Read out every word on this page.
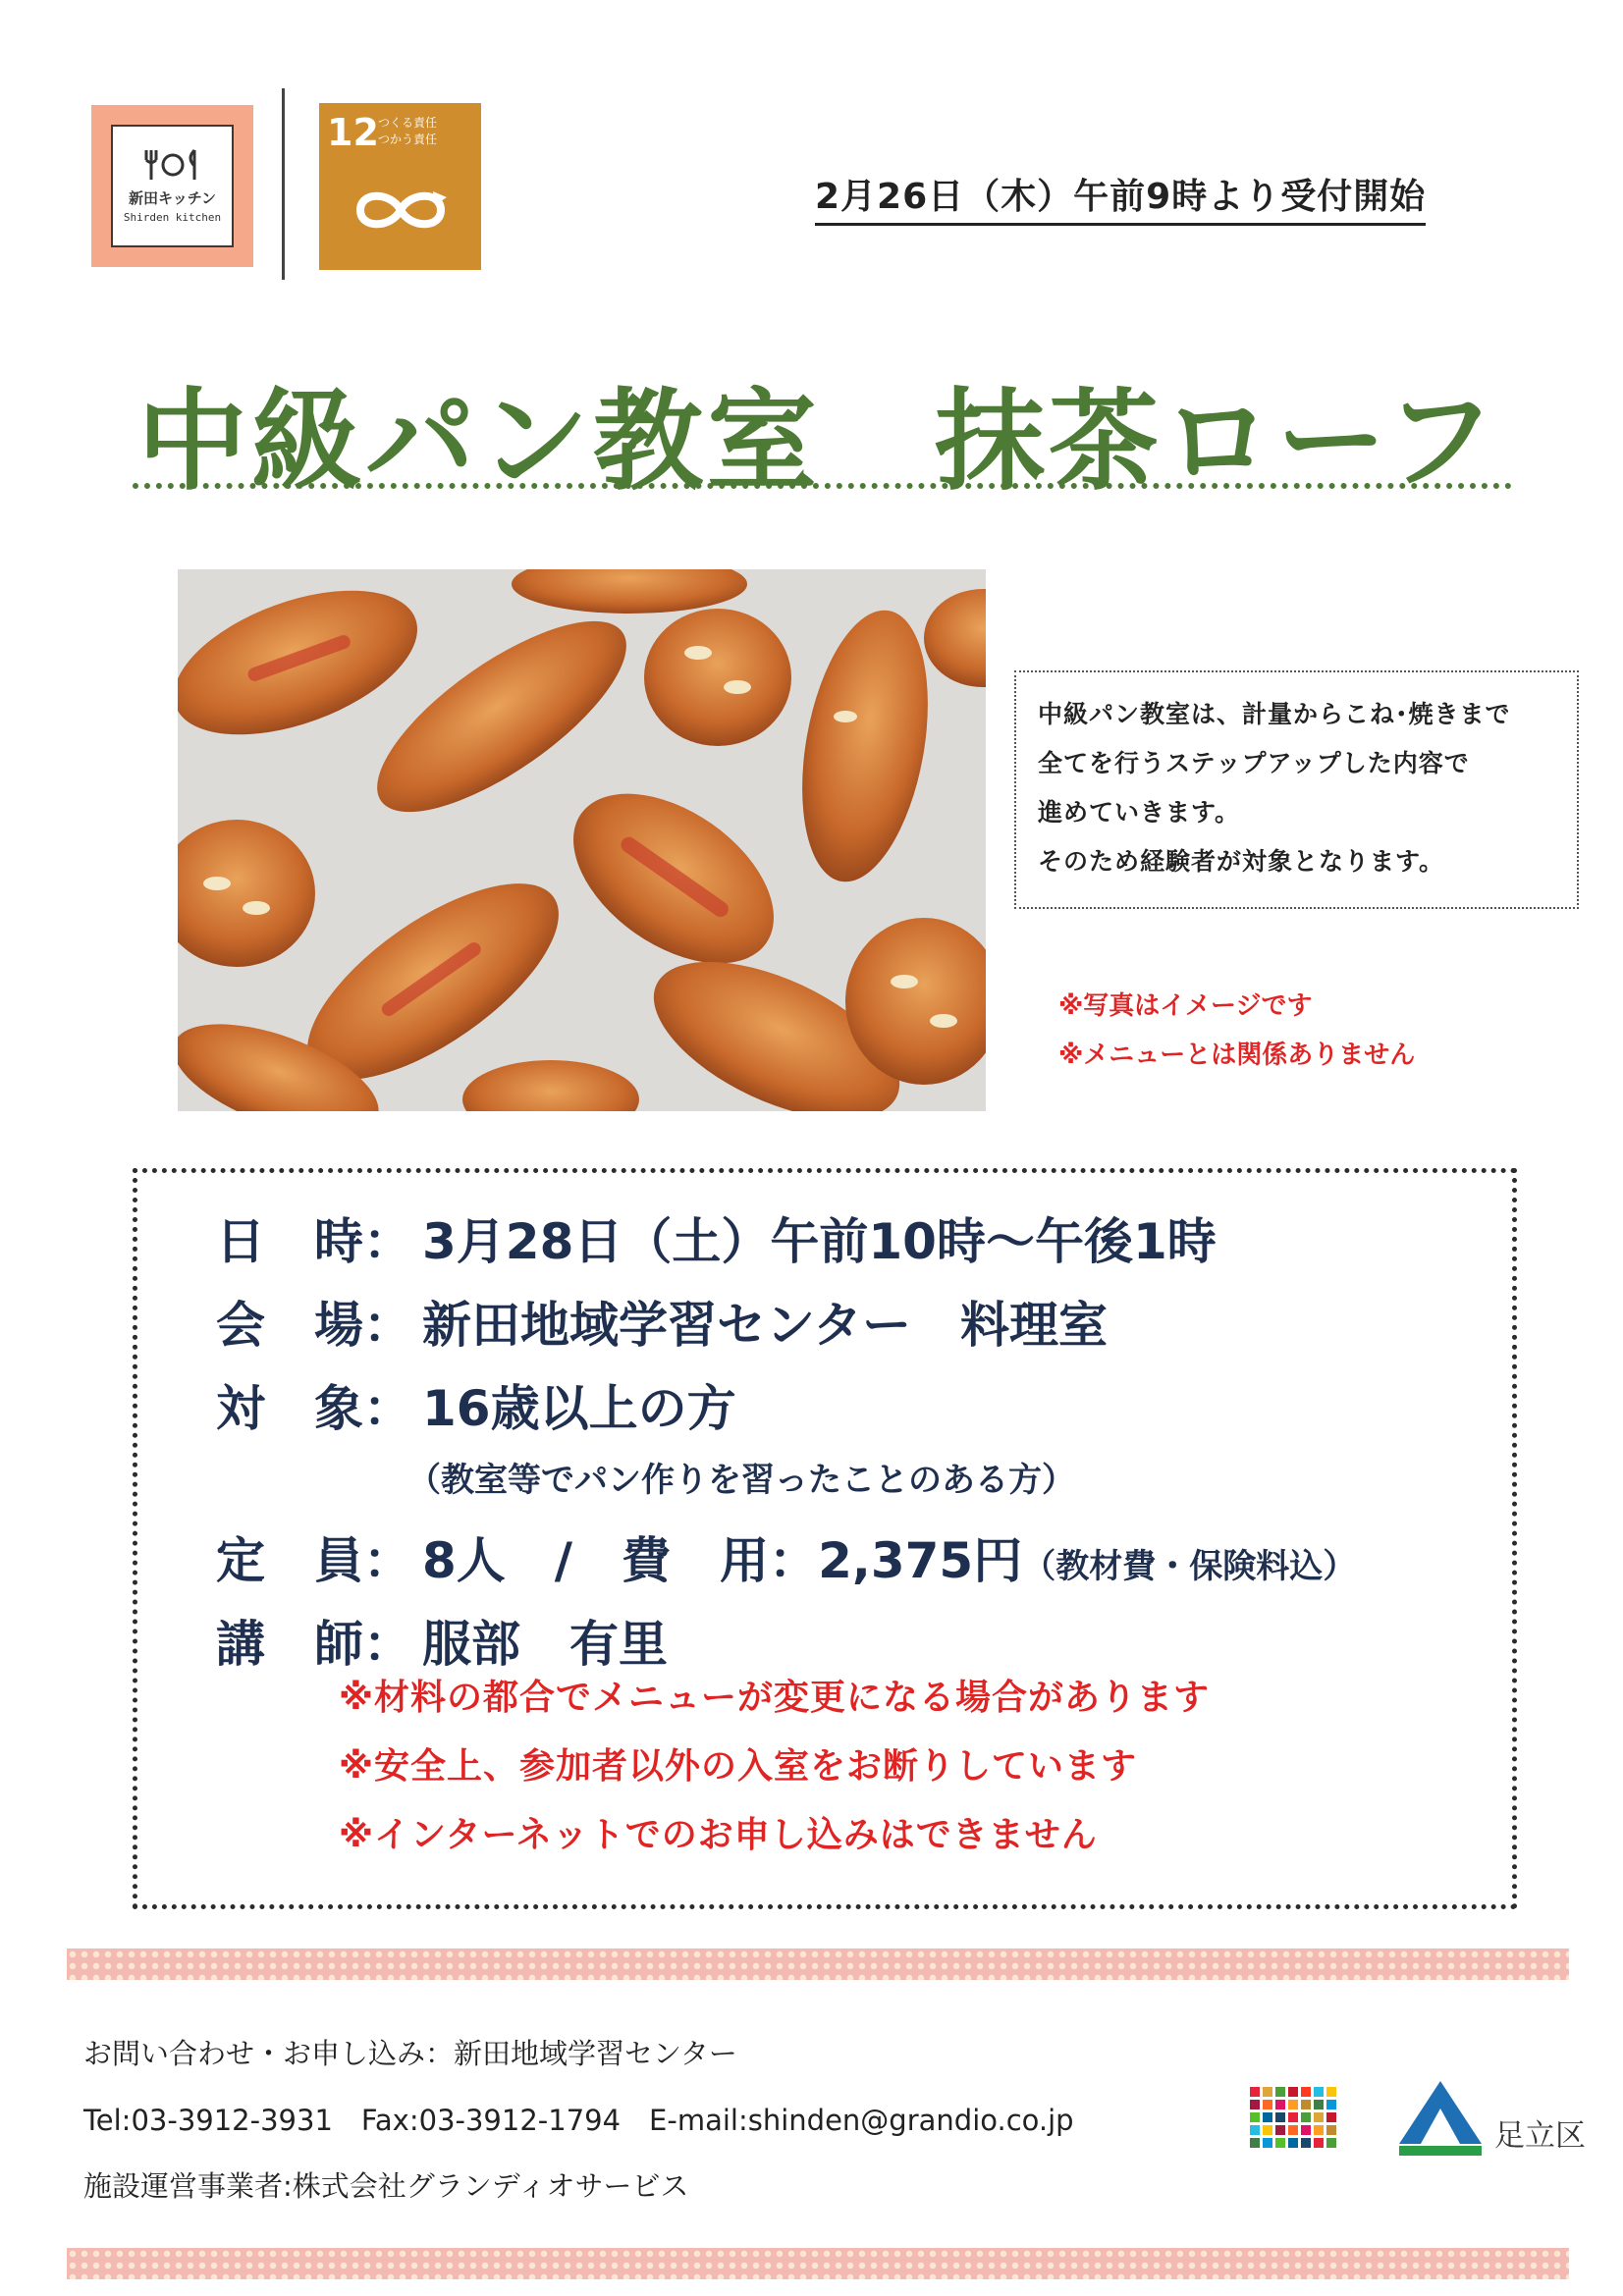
新田キッチン
Shirden kitchen
12 つくる責任
つかう責任
2月26日（木）午前9時より受付開始
中級パン教室　抹茶ローフ

中級パン教室は、計量からこね･焼きまで

全てを行うステップアップした内容で

進めていきます。

そのため経験者が対象となります。

※写真はイメージです
※メニューとは関係ありません
日　時： 3月28日（土）午前10時～午後1時
会　場： 新田地域学習センター　料理室
対　象： 16歳以上の方
（教室等でパン作りを習ったことのある方）
定　員： 8人　/　費　用：2,375円（教材費・保険料込）
講　師： 服部　有里
※材料の都合でメニューが変更になる場合があります
※安全上、参加者以外の入室をお断りしています
※インターネットでのお申し込みはできません
お問い合わせ・お申し込み：新田地域学習センター
Tel:03-3912-3931　Fax:03-3912-1794　E-mail:shinden@grandio.co.jp
施設運営事業者:株式会社グランディオサービス
足立区
